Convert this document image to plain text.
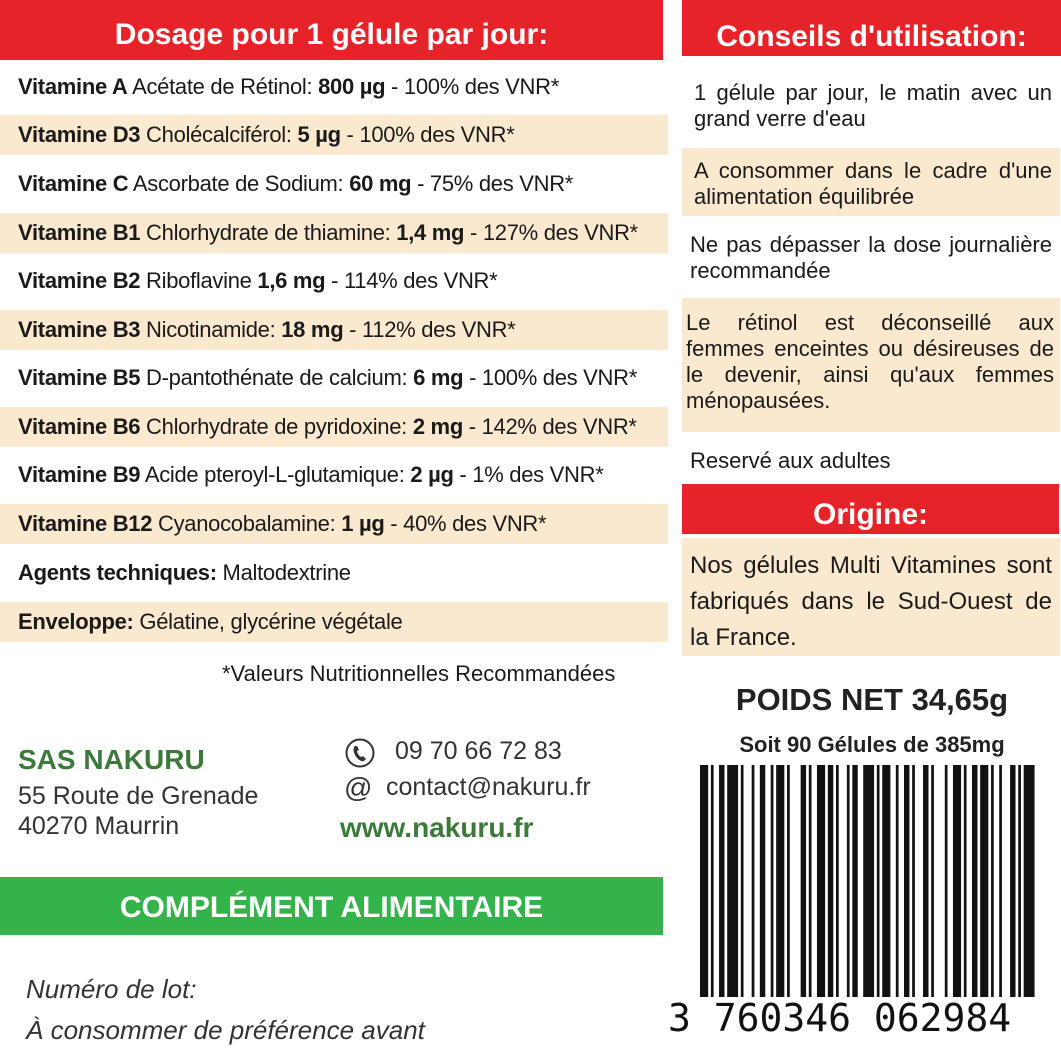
Dosage pour 1 gélule par jour:
Vitamine A Acétate de Rétinol: 800 µg - 100% des VNR*
Vitamine D3 Cholécalciférol: 5 µg - 100% des VNR*
Vitamine C Ascorbate de Sodium: 60 mg - 75% des VNR*
Vitamine B1 Chlorhydrate de thiamine: 1,4 mg - 127% des VNR*
Vitamine B2 Riboflavine 1,6 mg - 114% des VNR*
Vitamine B3 Nicotinamide: 18 mg - 112% des VNR*
Vitamine B5 D-pantothénate de calcium: 6 mg - 100% des VNR*
Vitamine B6 Chlorhydrate de pyridoxine: 2 mg - 142% des VNR*
Vitamine B9 Acide pteroyl-L-glutamique: 2 µg - 1% des VNR*
Vitamine B12 Cyanocobalamine: 1 µg - 40% des VNR*
Agents techniques: Maltodextrine
Enveloppe: Gélatine, glycérine végétale
*Valeurs Nutritionnelles Recommandées
Conseils d'utilisation:
1 gélule par jour, le matin avec un grand verre d'eau
A consommer dans le cadre d'une alimentation équilibrée
Ne pas dépasser la dose journalière recommandée
Le rétinol est déconseillé aux femmes enceintes ou désireuses de le devenir, ainsi qu'aux femmes ménopausées.
Reservé aux adultes
Origine:
Nos gélules Multi Vitamines sont fabriqués dans le Sud-Ouest de la France.
SAS NAKURU
55 Route de Grenade
40270 Maurrin
09 70 66 72 83
@ contact@nakuru.fr
www.nakuru.fr
COMPLÉMENT ALIMENTAIRE
Numéro de lot:
À consommer de préférence avant
POIDS NET 34,65g
Soit 90 Gélules de 385mg
3 760346 062984
